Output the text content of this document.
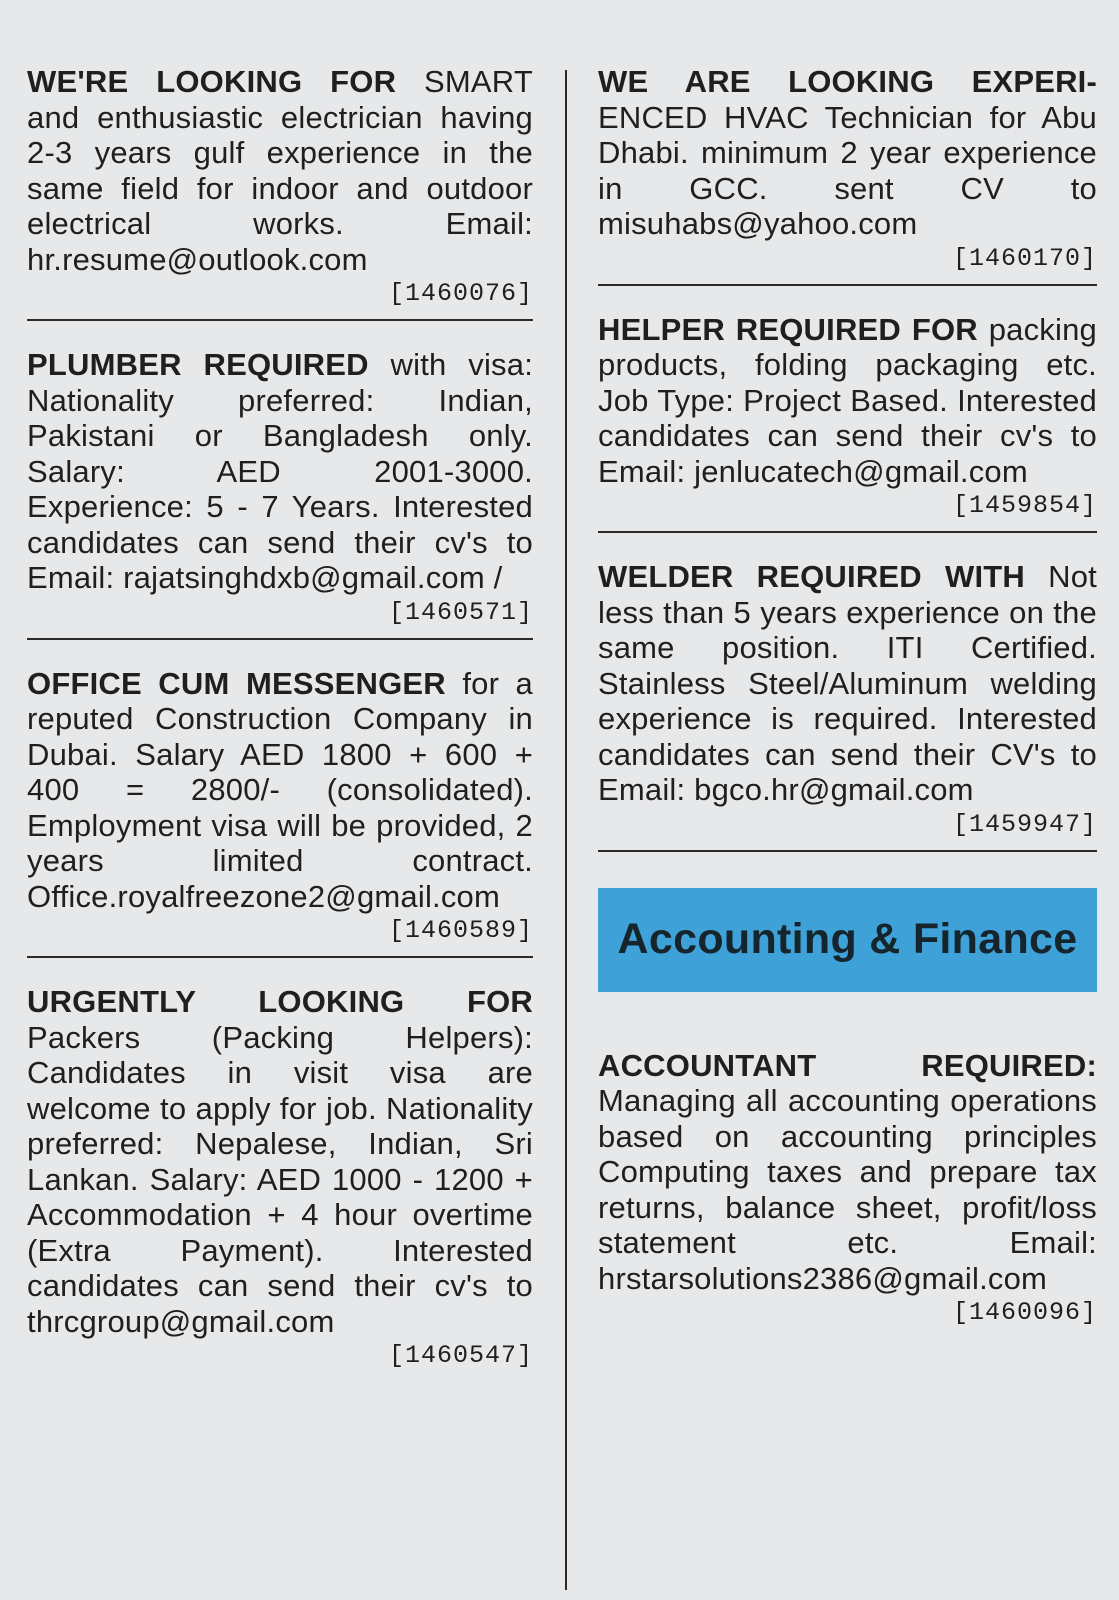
WE'RE LOOKING FOR SMART and enthusiastic electrician having 2-3 years gulf experience in the same field for indoor and outdoor electrical works. Email: hr.resume@outlook.com
[1460076]
PLUMBER REQUIRED with visa: Nationality preferred: Indian, Pakistani or Bangladesh only. Salary: AED 2001-3000. Experience: 5 - 7 Years. Interested candidates can send their cv's to Email: rajatsinghdxb@gmail.com /
[1460571]
OFFICE CUM MESSENGER for a reputed Construction Company in Dubai. Salary AED 1800 + 600 + 400 = 2800/- (consolidated). Employment visa will be provided, 2 years limited contract. Office.royalfreezone2@gmail.com
[1460589]
URGENTLY LOOKING FOR Packers (Packing Helpers): Candidates in visit visa are welcome to apply for job. Nationality preferred: Nepalese, Indian, Sri Lankan. Salary: AED 1000 - 1200 + Accommodation + 4 hour overtime (Extra Payment). Interested candidates can send their cv's to thrcgroup@gmail.com
[1460547]
WE ARE LOOKING EXPERI- ENCED HVAC Technician for Abu Dhabi. minimum 2 year experience in GCC. sent CV to misuhabs@yahoo.com
[1460170]
HELPER REQUIRED FOR packing products, folding packaging etc. Job Type: Project Based. Interested candidates can send their cv's to Email: jenlucatech@gmail.com
[1459854]
WELDER REQUIRED WITH Not less than 5 years experience on the same position. ITI Certified. Stainless Steel/Aluminum welding experience is required. Interested candidates can send their CV's to Email: bgco.hr@gmail.com
[1459947]
Accounting & Finance
ACCOUNTANT REQUIRED: Managing all accounting operations based on accounting principles Computing taxes and prepare tax returns, balance sheet, profit/loss statement etc. Email: hrstarsolutions2386@gmail.com
[1460096]
